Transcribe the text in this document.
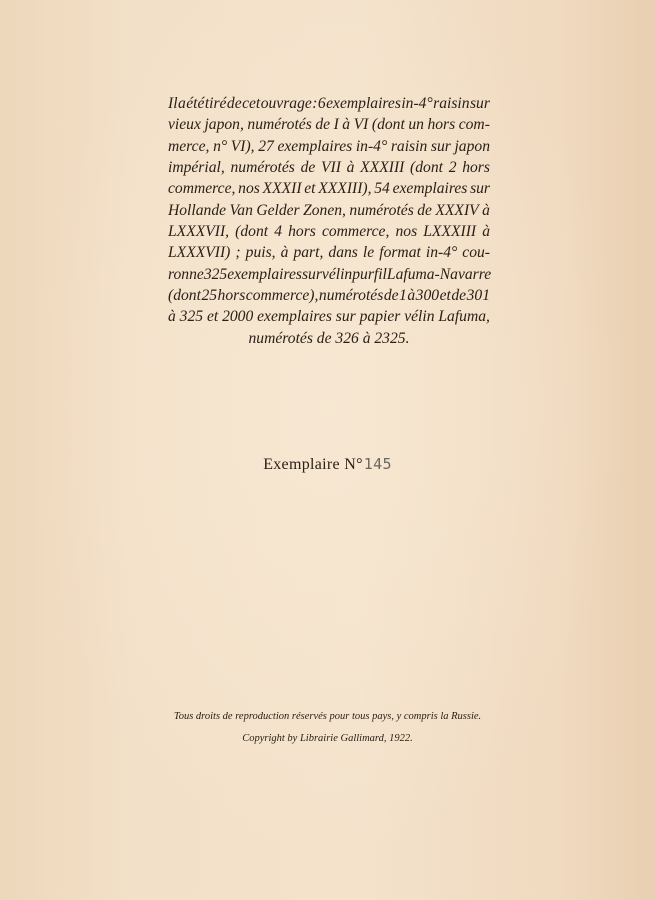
Il a été tiré de cet ouvrage : 6 exemplaires in-4° raisin sur
vieux japon, numérotés de I à VI (dont un hors com-
merce, n° VI), 27 exemplaires in-4° raisin sur japon
impérial, numérotés de VII à XXXIII (dont 2 hors
commerce, nos XXXII et XXXIII), 54 exemplaires sur
Hollande Van Gelder Zonen, numérotés de XXXIV à
LXXXVII, (dont 4 hors commerce, nos LXXXIII à
LXXXVII) ; puis, à part, dans le format in-4° cou-
ronne 325 exemplaires sur vélin pur fil Lafuma-Navarre
(dont 25 hors commerce), numérotés de 1 à 300 et de 301
à 325 et 2000 exemplaires sur papier vélin Lafuma,
numérotés de 326 à 2325.
Exemplaire N°145
Tous droits de reproduction réservés pour tous pays, y compris la Russie.
Copyright by Librairie Gallimard, 1922.
